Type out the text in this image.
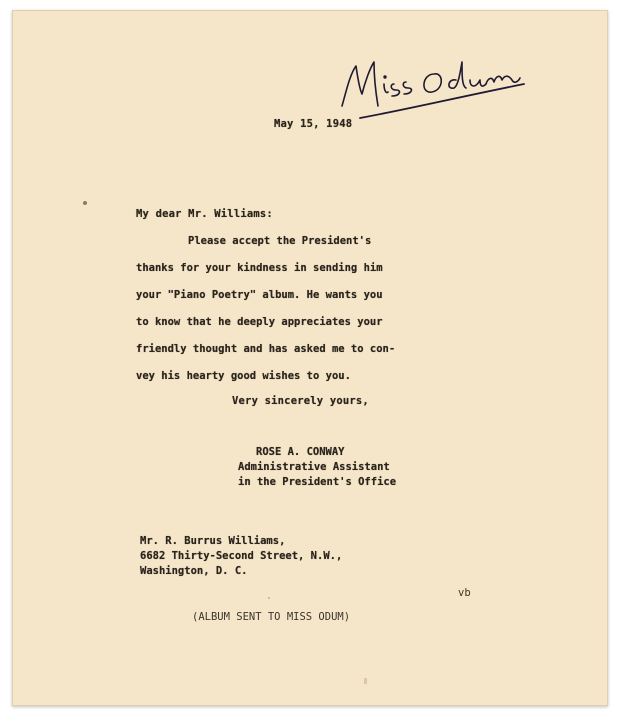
May 15, 1948
My dear Mr. Williams:
Please accept the President's
thanks for your kindness in sending him
your "Piano Poetry" album. He wants you
to know that he deeply appreciates your
friendly thought and has asked me to con-
vey his hearty good wishes to you.
Very sincerely yours,
ROSE A. CONWAY
Administrative Assistant
in the President's Office
Mr. R. Burrus Williams,
6682 Thirty-Second Street, N.W.,
Washington, D. C.
vb
(ALBUM SENT TO MISS ODUM)
